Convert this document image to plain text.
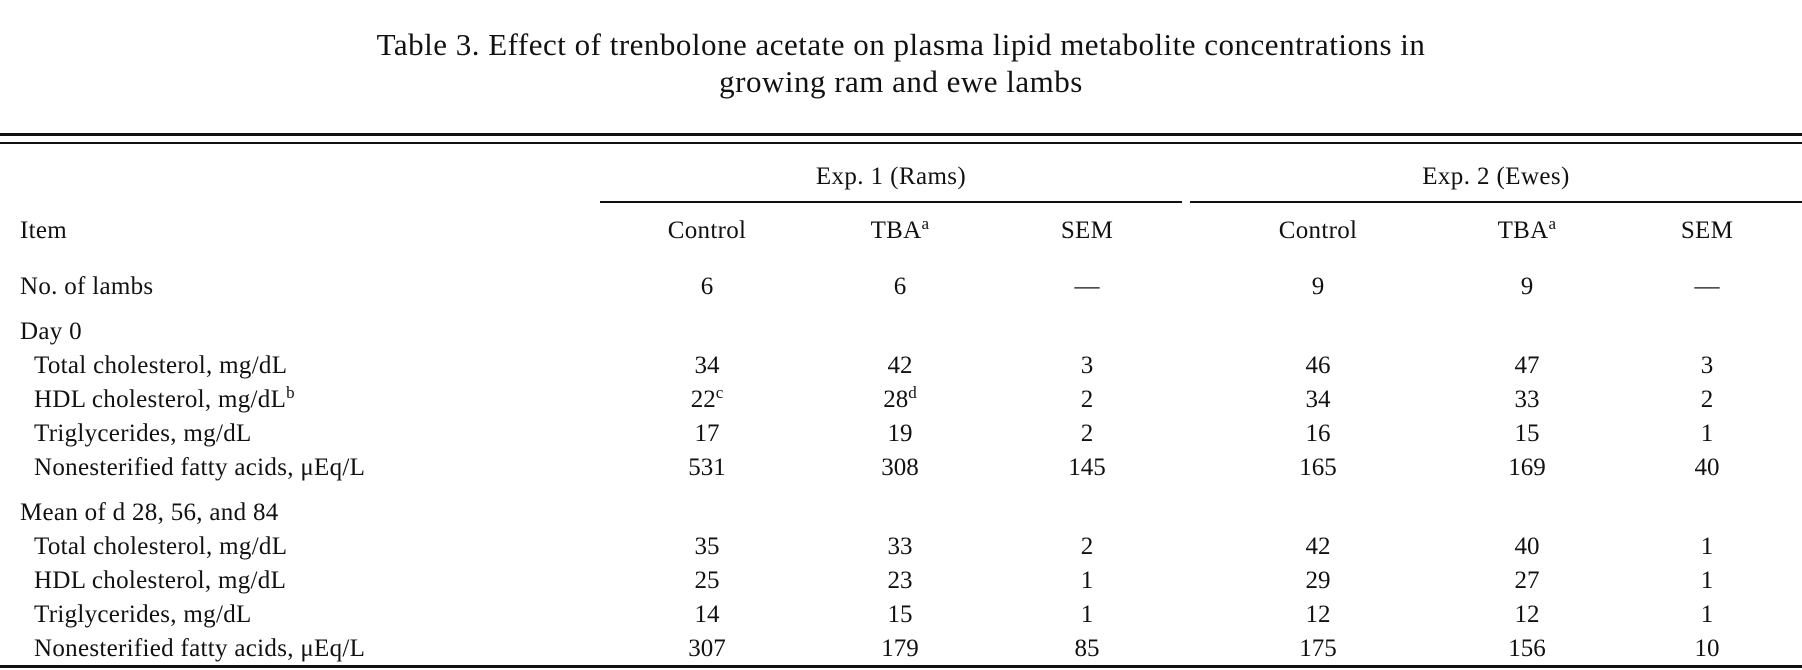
Table 3. Effect of trenbolone acetate on plasma lipid metabolite concentrations in
growing ram and ewe lambs
Exp. 1 (Rams)	Exp. 2 (Ewes)
Item	Control	TBA$^a$	SEM	Control	TBA$^a$	SEM
No. of lambs	6	6	—	9	9	—
Day 0
Total cholesterol, mg/dL	34	42	3	46	47	3
HDL cholesterol, $mg/dL^b$	22$^c$	28$^d$	2	34	33	2
Triglycerides, mg/dL	17	19	2	16	15	1
Nonesterified fatty acids, μEq/L	531	308	145	165	169	40
Mean of d 28, 56, and 84
Total cholesterol, mg/dL	35	33	2	42	40	1
HDL cholesterol, mg/dL	25	23	1	29	27	1
Triglycerides, mg/dL	14	15	1	12	12	1
Nonesterified fatty acids, μEq/L	307	179	85	175	156	10
